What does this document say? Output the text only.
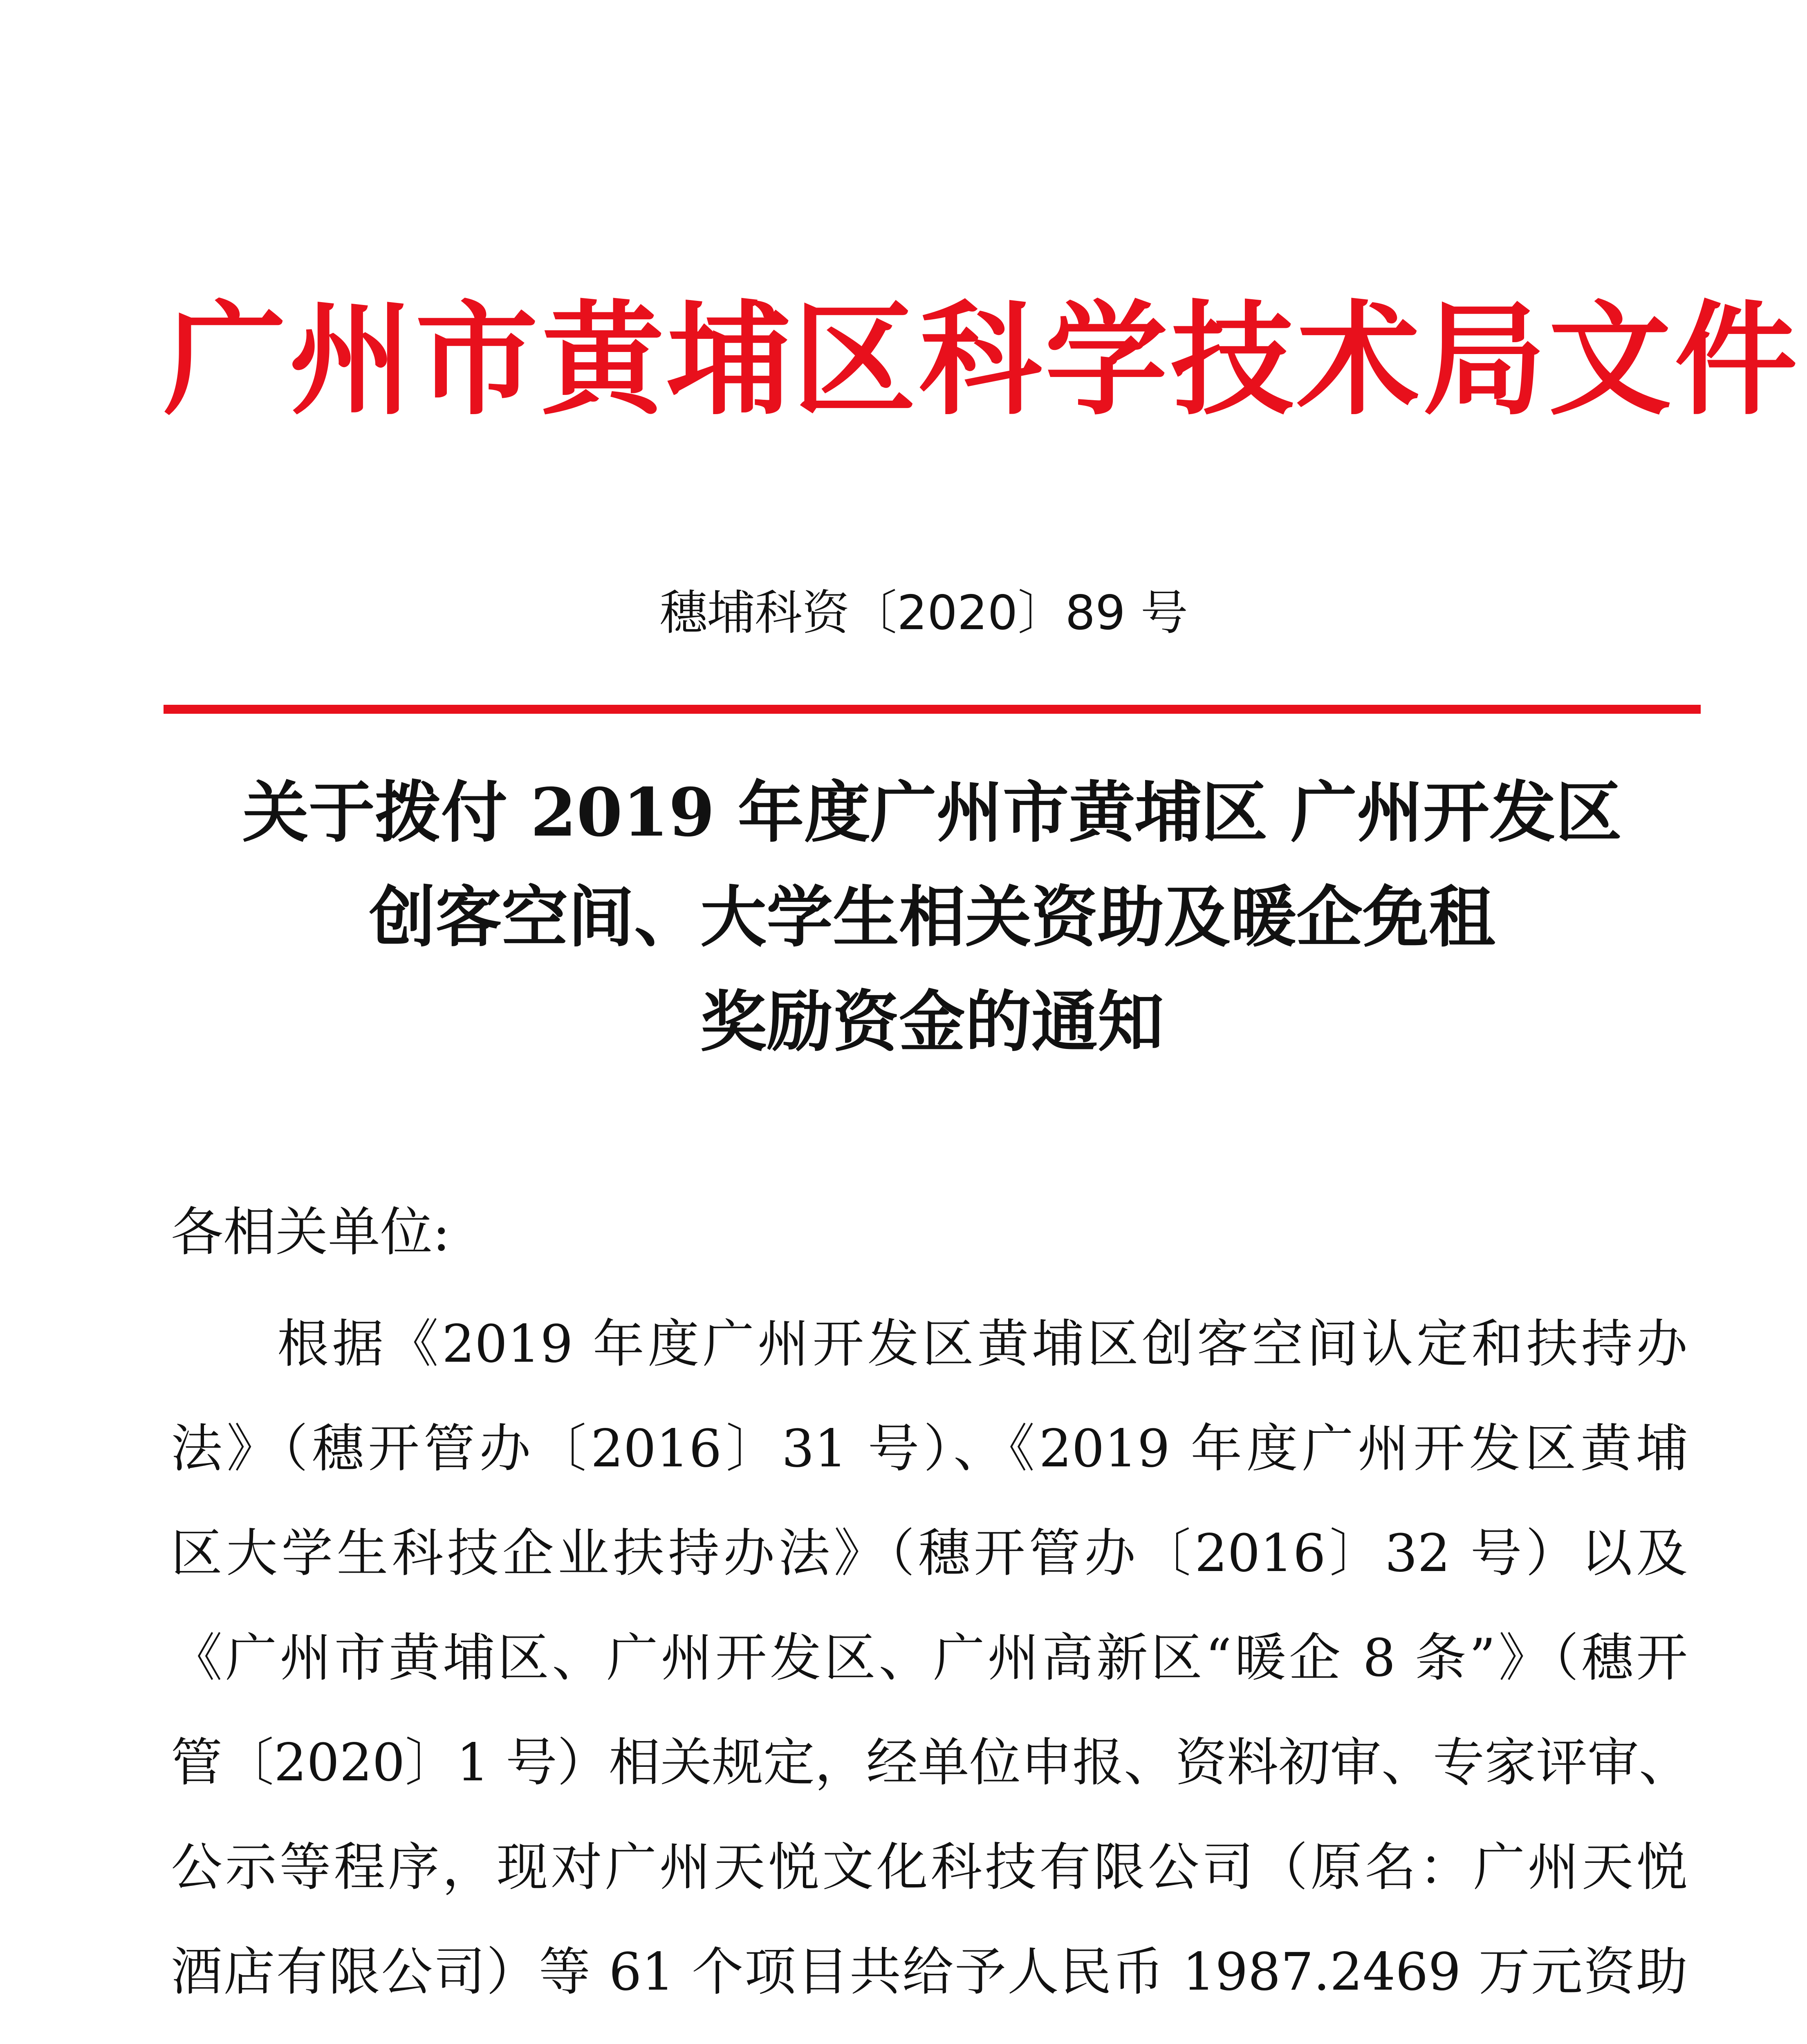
广州市黄埔区科学技术局文件
穗埔科资〔2020〕89 号
关于拨付 2019 年度广州市黄埔区 广州开发区
创客空间、大学生相关资助及暖企免租
奖励资金的通知
各相关单位:
根据《2019 年度广州开发区黄埔区创客空间认定和扶持办
法》（穗开管办〔2016〕31 号）、《2019 年度广州开发区黄埔
区大学生科技企业扶持办法》（穗开管办〔2016〕32 号）以及
《广州市黄埔区、广州开发区、广州高新区“暖企 8 条”》（穗开
管〔2020〕1 号）相关规定，经单位申报、资料初审、专家评审、
公示等程序，现对广州天悦文化科技有限公司（原名：广州天悦
酒店有限公司）等 61 个项目共给予人民币 1987.2469 万元资助
